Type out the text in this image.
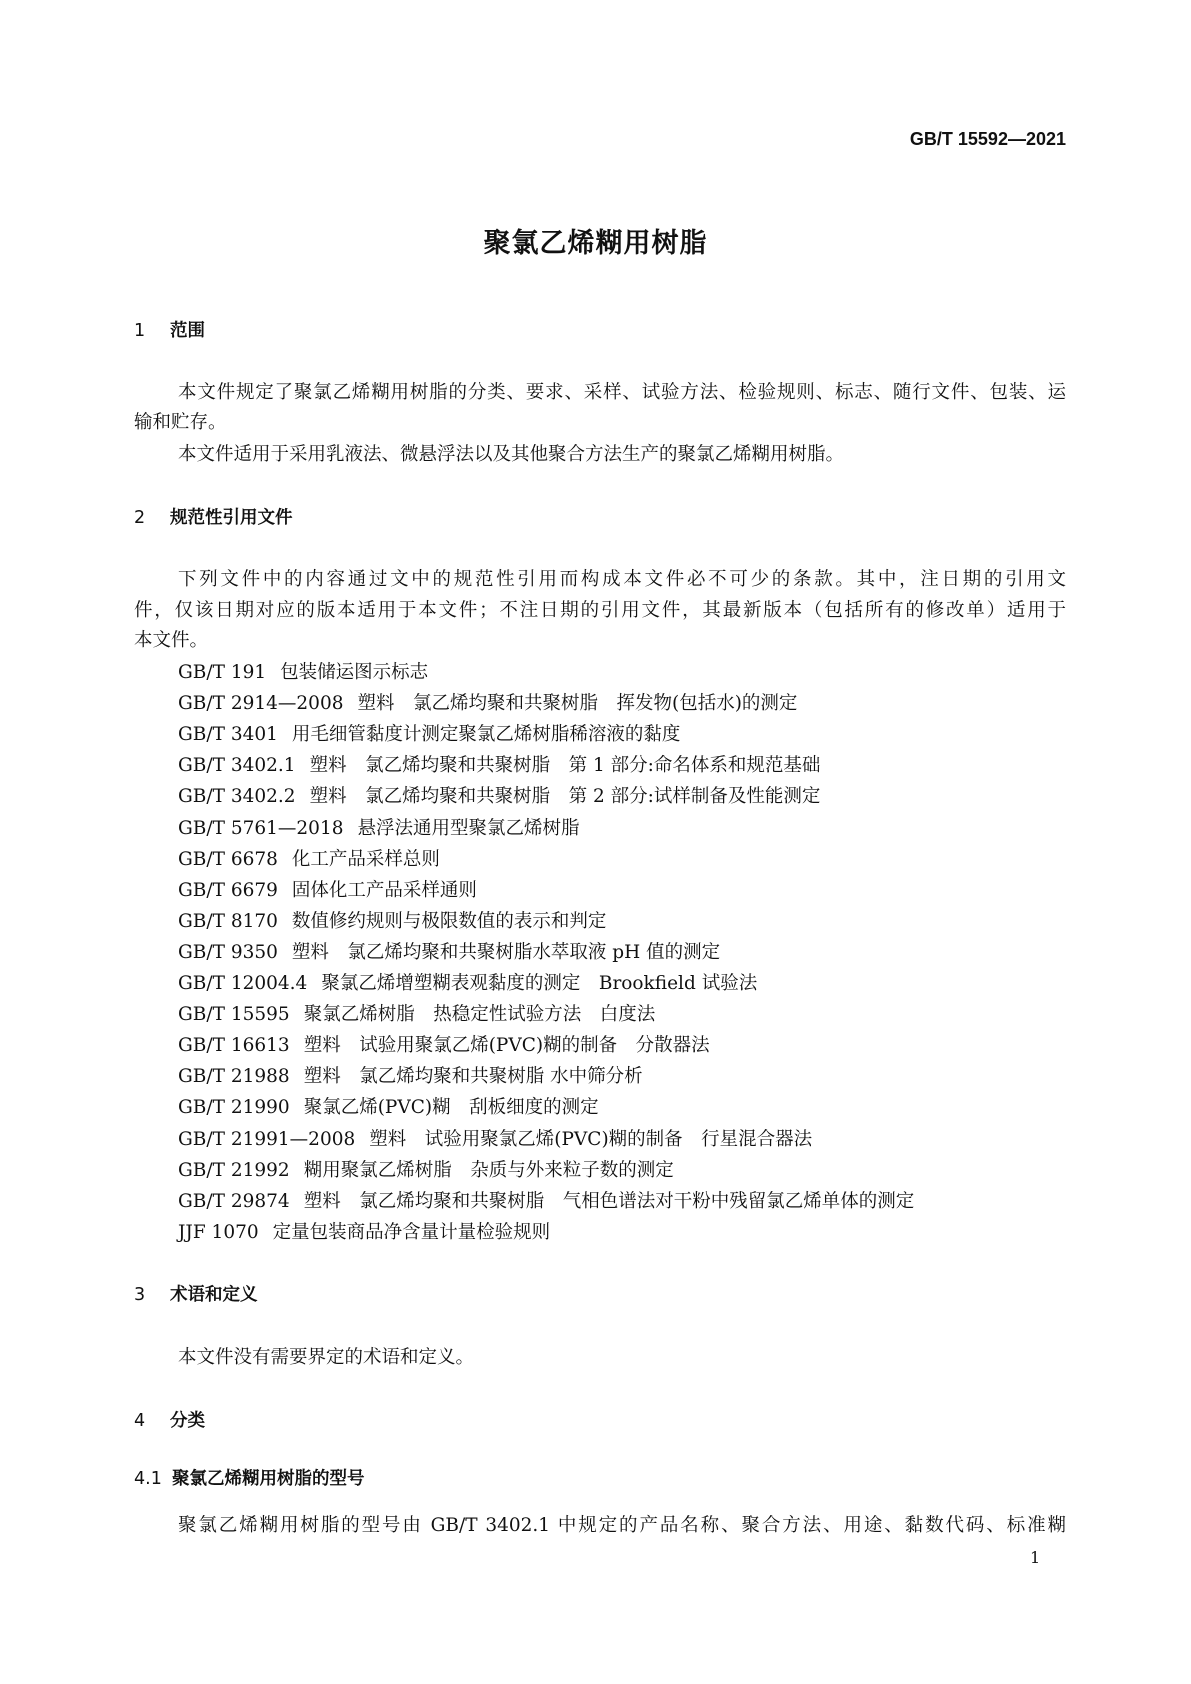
GB/T 15592—2021
聚氯乙烯糊用树脂
1 范围
本文件规定了聚氯乙烯糊用树脂的分类、要求、采样、试验方法、检验规则、标志、随行文件、包装、运
输和贮存。
本文件适用于采用乳液法、微悬浮法以及其他聚合方法生产的聚氯乙烯糊用树脂。
2 规范性引用文件
下列文件中的内容通过文中的规范性引用而构成本文件必不可少的条款。其中，注日期的引用文
件，仅该日期对应的版本适用于本文件；不注日期的引用文件，其最新版本（包括所有的修改单）适用于
本文件。
GB/T 191 包装储运图示标志
GB/T 2914—2008 塑料　氯乙烯均聚和共聚树脂　挥发物(包括水)的测定
GB/T 3401 用毛细管黏度计测定聚氯乙烯树脂稀溶液的黏度
GB/T 3402.1 塑料　氯乙烯均聚和共聚树脂　第 1 部分:命名体系和规范基础
GB/T 3402.2 塑料　氯乙烯均聚和共聚树脂　第 2 部分:试样制备及性能测定
GB/T 5761—2018 悬浮法通用型聚氯乙烯树脂
GB/T 6678 化工产品采样总则
GB/T 6679 固体化工产品采样通则
GB/T 8170 数值修约规则与极限数值的表示和判定
GB/T 9350 塑料　氯乙烯均聚和共聚树脂水萃取液 pH 值的测定
GB/T 12004.4 聚氯乙烯增塑糊表观黏度的测定　Brookfield 试验法
GB/T 15595 聚氯乙烯树脂　热稳定性试验方法　白度法
GB/T 16613 塑料　试验用聚氯乙烯(PVC)糊的制备　分散器法
GB/T 21988 塑料　氯乙烯均聚和共聚树脂 水中筛分析
GB/T 21990 聚氯乙烯(PVC)糊　刮板细度的测定
GB/T 21991—2008 塑料　试验用聚氯乙烯(PVC)糊的制备　行星混合器法
GB/T 21992 糊用聚氯乙烯树脂　杂质与外来粒子数的测定
GB/T 29874 塑料　氯乙烯均聚和共聚树脂　气相色谱法对干粉中残留氯乙烯单体的测定
JJF 1070 定量包装商品净含量计量检验规则
3 术语和定义
本文件没有需要界定的术语和定义。
4 分类
4.1 聚氯乙烯糊用树脂的型号
聚氯乙烯糊用树脂的型号由 GB/T 3402.1 中规定的产品名称、聚合方法、用途、黏数代码、标准糊
1
